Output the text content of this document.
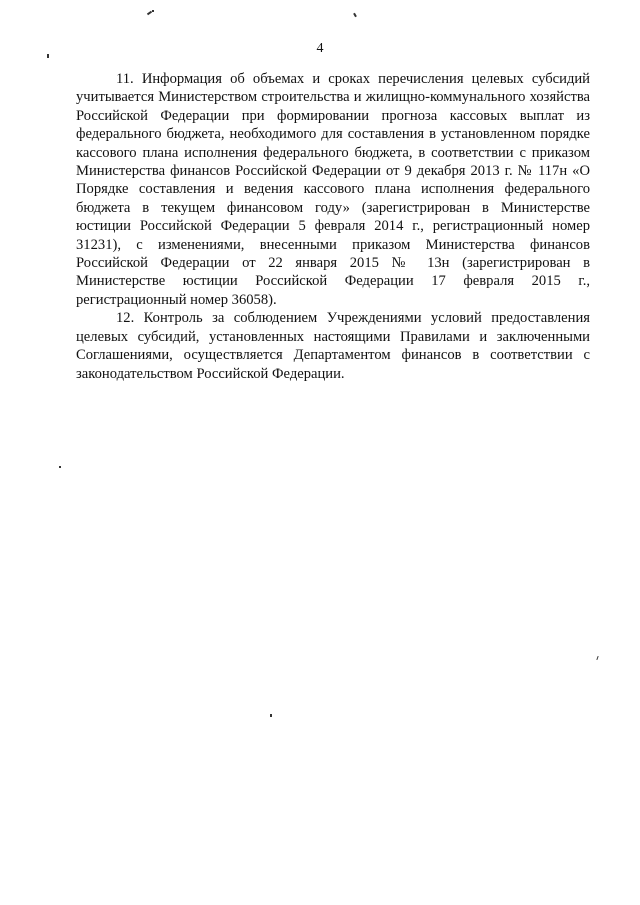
4

11. Информация об объемах и сроках перечисления целевых субсидий учитывается Министерством строительства и жилищно-коммунального хозяйства Российской Федерации при формировании прогноза кассовых выплат из федерального бюджета, необходимого для составления в установленном порядке кассового плана исполнения федерального бюджета, в соответствии с приказом Министерства финансов Российской Федерации от 9 декабря 2013 г. № 117н «О Порядке составления и ведения кассового плана исполнения федерального бюджета в текущем финансовом году» (зарегистрирован в Министерстве юстиции Российской Федерации 5 февраля 2014 г., регистрационный номер 31231), с изменениями, внесенными приказом Министерства финансов Российской Федерации от 22 января 2015 № 13н (зарегистрирован в Министерстве юстиции Российской Федерации 17 февраля 2015 г., регистрационный номер 36058).

12. Контроль за соблюдением Учреждениями условий предоставления целевых субсидий, установленных настоящими Правилами и заключенными Соглашениями, осуществляется Департаментом финансов в соответствии с законодательством Российской Федерации.
